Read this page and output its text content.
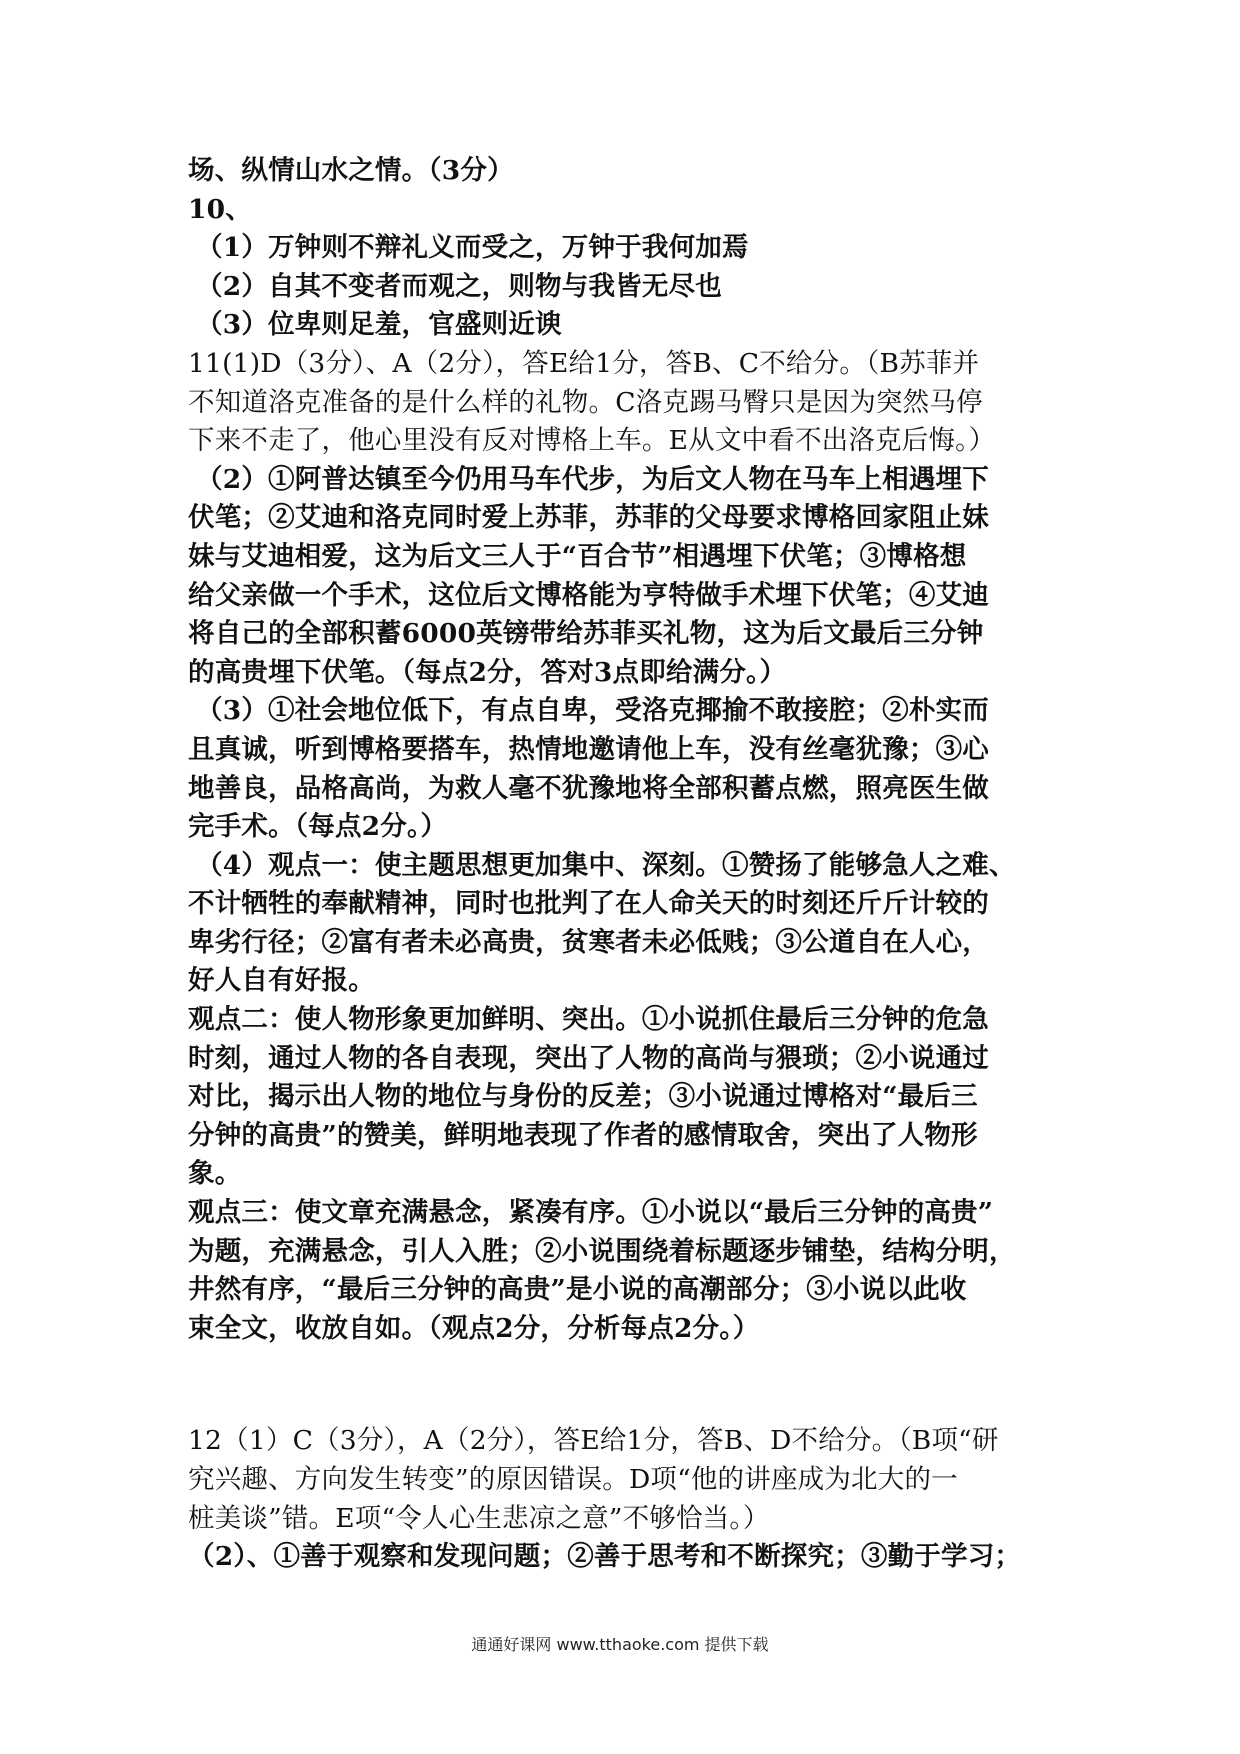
场、纵情山水之情。（3分）
10、
（1）万钟则不辩礼义而受之，万钟于我何加焉
（2）自其不变者而观之，则物与我皆无尽也
（3）位卑则足羞，官盛则近谀
11(1)D（3分）、A（2分），答E给1分，答B、C不给分。（B苏菲并
不知道洛克准备的是什么样的礼物。C洛克踢马臀只是因为突然马停
下来不走了，他心里没有反对博格上车。E从文中看不出洛克后悔。）
（2）①阿普达镇至今仍用马车代步，为后文人物在马车上相遇埋下
伏笔；②艾迪和洛克同时爱上苏菲，苏菲的父母要求博格回家阻止妹
妹与艾迪相爱，这为后文三人于“百合节”相遇埋下伏笔；③博格想
给父亲做一个手术，这位后文博格能为亨特做手术埋下伏笔；④艾迪
将自己的全部积蓄6000英镑带给苏菲买礼物，这为后文最后三分钟
的高贵埋下伏笔。（每点2分，答对3点即给满分。）
（3）①社会地位低下，有点自卑，受洛克揶揄不敢接腔；②朴实而
且真诚，听到博格要搭车，热情地邀请他上车，没有丝毫犹豫；③心
地善良，品格高尚，为救人毫不犹豫地将全部积蓄点燃，照亮医生做
完手术。（每点2分。）
（4）观点一：使主题思想更加集中、深刻。①赞扬了能够急人之难、
不计牺牲的奉献精神，同时也批判了在人命关天的时刻还斤斤计较的
卑劣行径；②富有者未必高贵，贫寒者未必低贱；③公道自在人心，
好人自有好报。
观点二：使人物形象更加鲜明、突出。①小说抓住最后三分钟的危急
时刻，通过人物的各自表现，突出了人物的高尚与猥琐；②小说通过
对比，揭示出人物的地位与身份的反差；③小说通过博格对“最后三
分钟的高贵”的赞美，鲜明地表现了作者的感情取舍，突出了人物形
象。
观点三：使文章充满悬念，紧凑有序。①小说以“最后三分钟的高贵”
为题，充满悬念，引人入胜；②小说围绕着标题逐步铺垫，结构分明，
井然有序，“最后三分钟的高贵”是小说的高潮部分；③小说以此收
束全文，收放自如。（观点2分，分析每点2分。）
12（1）C（3分），A（2分），答E给1分，答B、D不给分。（B项“研
究兴趣、方向发生转变”的原因错误。D项“他的讲座成为北大的一
桩美谈”错。E项“令人心生悲凉之意”不够恰当。）
（2）、①善于观察和发现问题；②善于思考和不断探究；③勤于学习；
通通好课网 www.tthaoke.com 提供下载
